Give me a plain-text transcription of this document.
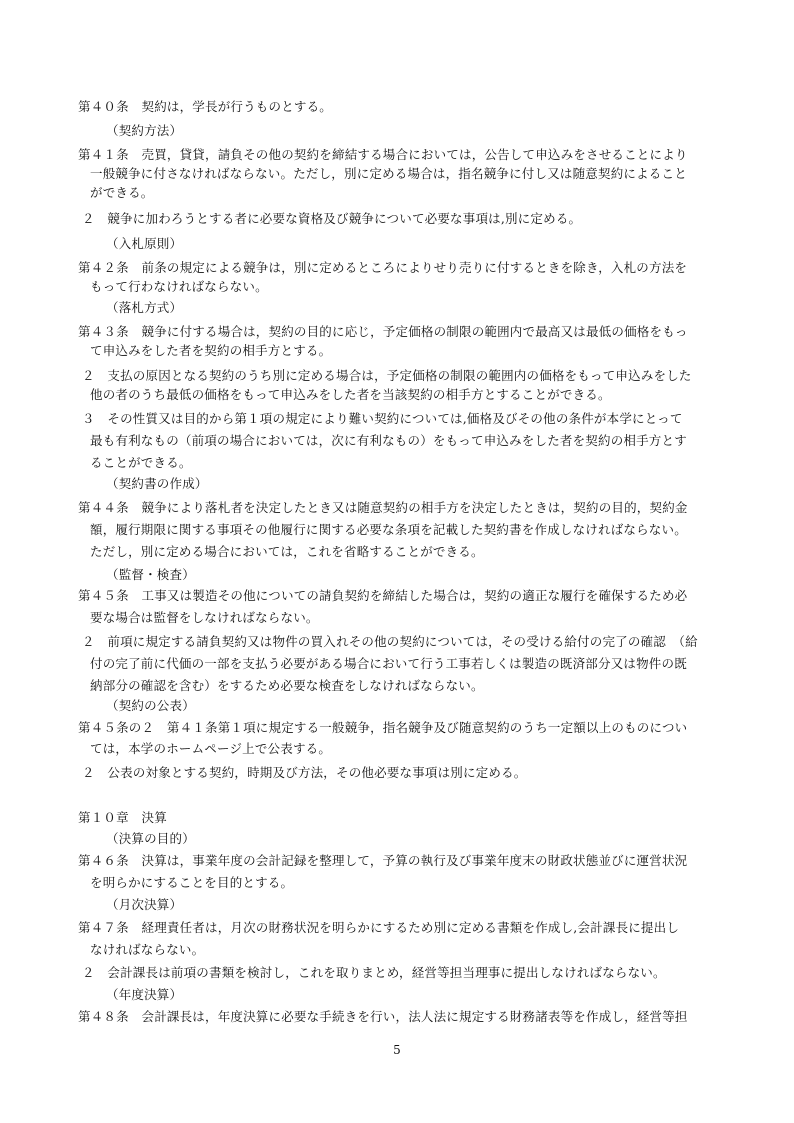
第４０条　契約は，学長が行うものとする。
（契約方法）
第４１条　売買，貸貸，請負その他の契約を締結する場合においては，公告して申込みをさせることにより
一般競争に付さなければならない。ただし，別に定める場合は，指名競争に付し又は随意契約によること
ができる。
２　競争に加わろうとする者に必要な資格及び競争について必要な事項は,別に定める。
（入札原則）
第４２条　前条の規定による競争は，別に定めるところによりせり売りに付するときを除き，入札の方法を
もって行わなければならない。
（落札方式）
第４３条　競争に付する場合は，契約の目的に応じ，予定価格の制限の範囲内で最高又は最低の価格をもっ
て申込みをした者を契約の相手方とする。
２　支払の原因となる契約のうち別に定める場合は，予定価格の制限の範囲内の価格をもって申込みをした
他の者のうち最低の価格をもって申込みをした者を当該契約の相手方とすることができる。
３　その性質又は目的から第１項の規定により難い契約については,価格及びその他の条件が本学にとって
最も有利なもの（前項の場合においては，次に有利なもの）をもって申込みをした者を契約の相手方とす
ることができる。
（契約書の作成）
第４４条　競争により落札者を決定したとき又は随意契約の相手方を決定したときは，契約の目的，契約金
額，履行期限に関する事項その他履行に関する必要な条項を記載した契約書を作成しなければならない。
ただし，別に定める場合においては，これを省略することができる。
（監督・検査）
第４５条　工事又は製造その他についての請負契約を締結した場合は，契約の適正な履行を確保するため必
要な場合は監督をしなければならない。
２　前項に規定する請負契約又は物件の買入れその他の契約については，その受ける給付の完了の確認　（給
付の完了前に代価の一部を支払う必要がある場合において行う工事若しくは製造の既済部分又は物件の既
納部分の確認を含む）をするため必要な検査をしなければならない。
（契約の公表）
第４５条の２　第４１条第１項に規定する一般競争，指名競争及び随意契約のうち一定額以上のものについ
ては，本学のホームページ上で公表する。
２　公表の対象とする契約，時期及び方法，その他必要な事項は別に定める。
第１０章　決算
（決算の目的）
第４６条　決算は，事業年度の会計記録を整理して，予算の執行及び事業年度末の財政状態並びに運営状況
を明らかにすることを目的とする。
（月次決算）
第４７条　経理責任者は，月次の財務状況を明らかにするため別に定める書類を作成し,会計課長に提出し
なければならない。
２　会計課長は前項の書類を検討し，これを取りまとめ，経営等担当理事に提出しなければならない。
（年度決算）
第４８条　会計課長は，年度決算に必要な手続きを行い，法人法に規定する財務諸表等を作成し，経営等担
5
